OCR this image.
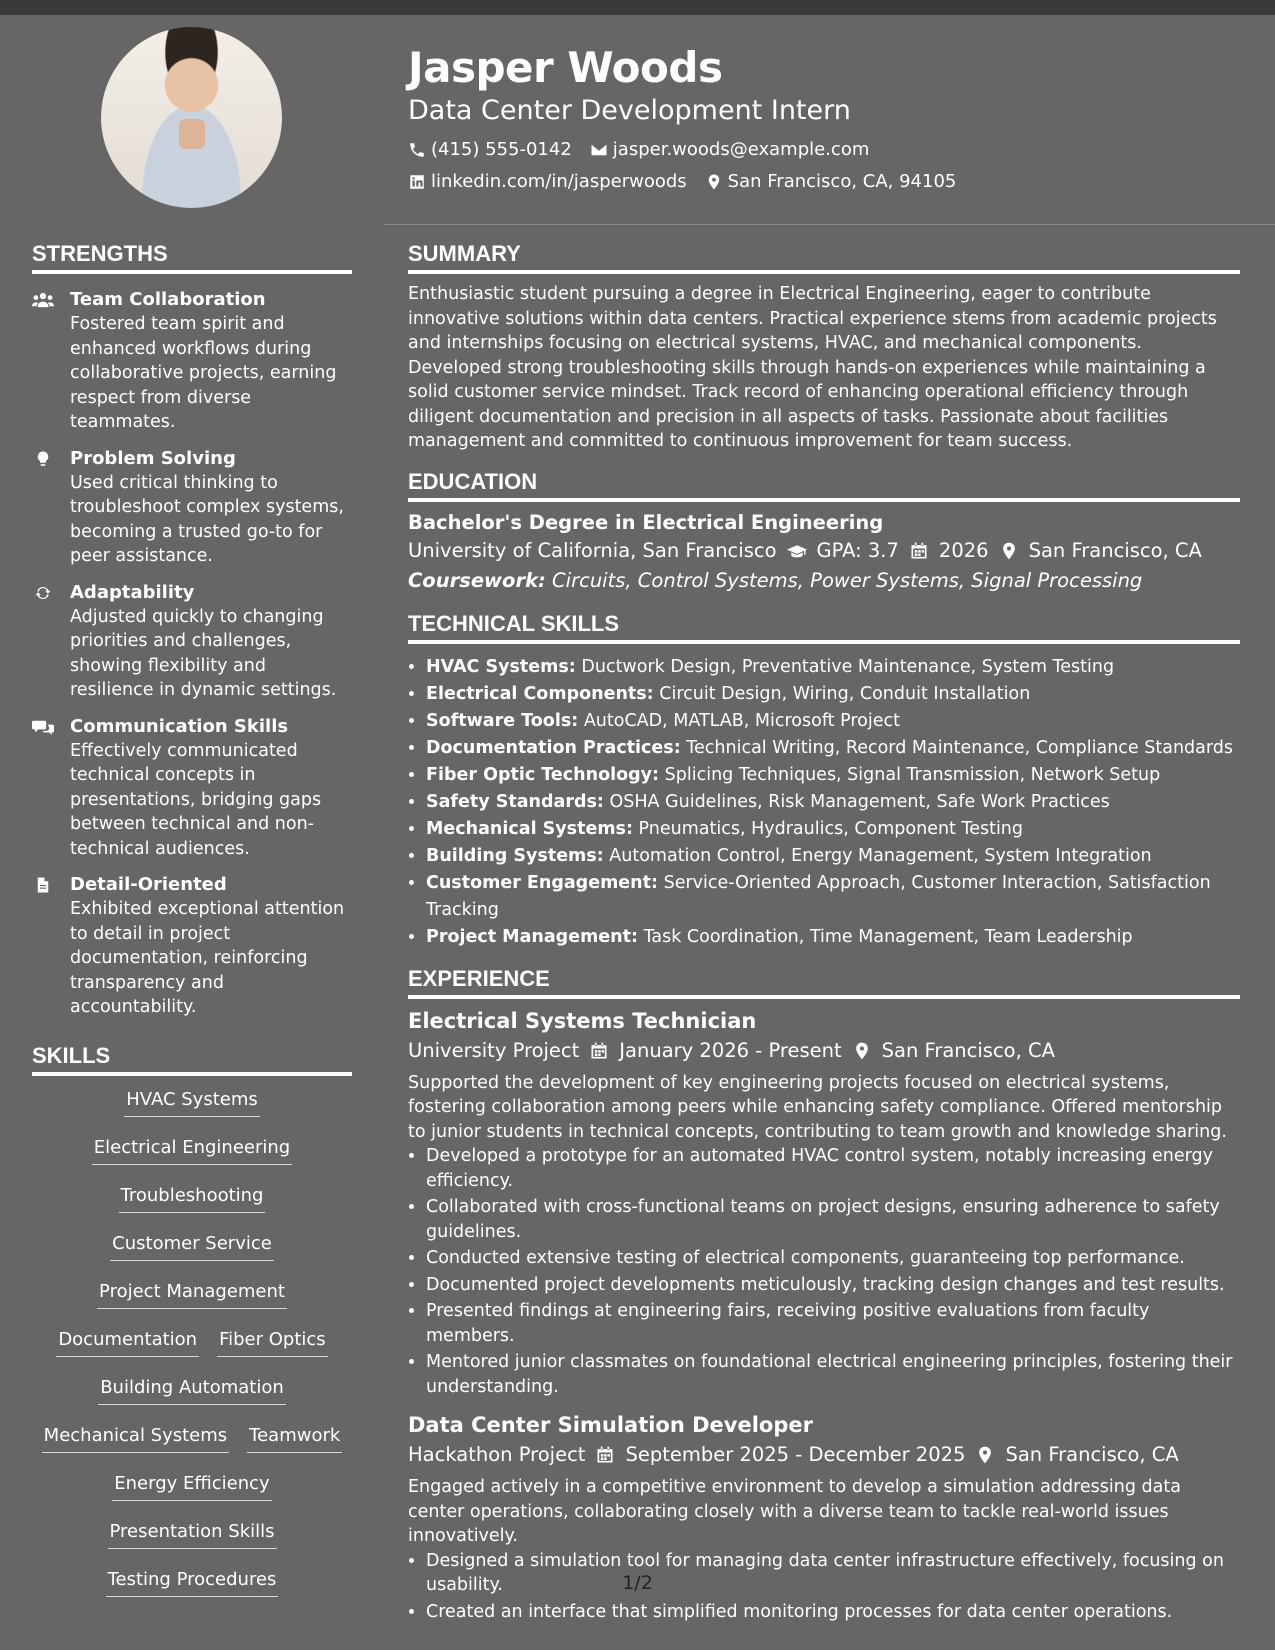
Jasper Woods
Data Center Development Intern
(415) 555-0142 jasper.woods@example.com
linkedin.com/in/jasperwoods San Francisco, CA, 94105
STRENGTHS
Team Collaboration
Fostered team spirit and enhanced workflows during collaborative projects, earning respect from diverse teammates.
Problem Solving
Used critical thinking to troubleshoot complex systems, becoming a trusted go-to for peer assistance.
Adaptability
Adjusted quickly to changing priorities and challenges, showing flexibility and resilience in dynamic settings.
Communication Skills
Effectively communicated technical concepts in presentations, bridging gaps between technical and non-technical audiences.
Detail-Oriented
Exhibited exceptional attention to detail in project documentation, reinforcing transparency and accountability.
SKILLS
HVAC Systems
Electrical Engineering
Troubleshooting
Customer Service
Project Management
Documentation Fiber Optics
Building Automation
Mechanical Systems Teamwork
Energy Efficiency
Presentation Skills
Testing Procedures
SUMMARY
Enthusiastic student pursuing a degree in Electrical Engineering, eager to contribute innovative solutions within data centers. Practical experience stems from academic projects and internships focusing on electrical systems, HVAC, and mechanical components. Developed strong troubleshooting skills through hands-on experiences while maintaining a solid customer service mindset. Track record of enhancing operational efficiency through diligent documentation and precision in all aspects of tasks. Passionate about facilities management and committed to continuous improvement for team success.
EDUCATION
Bachelor's Degree in Electrical Engineering
University of California, San Francisco GPA: 3.7 2026 San Francisco, CA
Coursework: Circuits, Control Systems, Power Systems, Signal Processing
TECHNICAL SKILLS
• HVAC Systems: Ductwork Design, Preventative Maintenance, System Testing
• Electrical Components: Circuit Design, Wiring, Conduit Installation
• Software Tools: AutoCAD, MATLAB, Microsoft Project
• Documentation Practices: Technical Writing, Record Maintenance, Compliance Standards
• Fiber Optic Technology: Splicing Techniques, Signal Transmission, Network Setup
• Safety Standards: OSHA Guidelines, Risk Management, Safe Work Practices
• Mechanical Systems: Pneumatics, Hydraulics, Component Testing
• Building Systems: Automation Control, Energy Management, System Integration
• Customer Engagement: Service-Oriented Approach, Customer Interaction, Satisfaction Tracking
• Project Management: Task Coordination, Time Management, Team Leadership
EXPERIENCE
Electrical Systems Technician
University Project January 2026 - Present San Francisco, CA
Supported the development of key engineering projects focused on electrical systems, fostering collaboration among peers while enhancing safety compliance. Offered mentorship to junior students in technical concepts, contributing to team growth and knowledge sharing.
• Developed a prototype for an automated HVAC control system, notably increasing energy efficiency.
• Collaborated with cross-functional teams on project designs, ensuring adherence to safety guidelines.
• Conducted extensive testing of electrical components, guaranteeing top performance.
• Documented project developments meticulously, tracking design changes and test results.
• Presented findings at engineering fairs, receiving positive evaluations from faculty members.
• Mentored junior classmates on foundational electrical engineering principles, fostering their understanding.
Data Center Simulation Developer
Hackathon Project September 2025 - December 2025 San Francisco, CA
Engaged actively in a competitive environment to develop a simulation addressing data center operations, collaborating closely with a diverse team to tackle real-world issues innovatively.
• Designed a simulation tool for managing data center infrastructure effectively, focusing on usability.
• Created an interface that simplified monitoring processes for data center operations.
1/2
